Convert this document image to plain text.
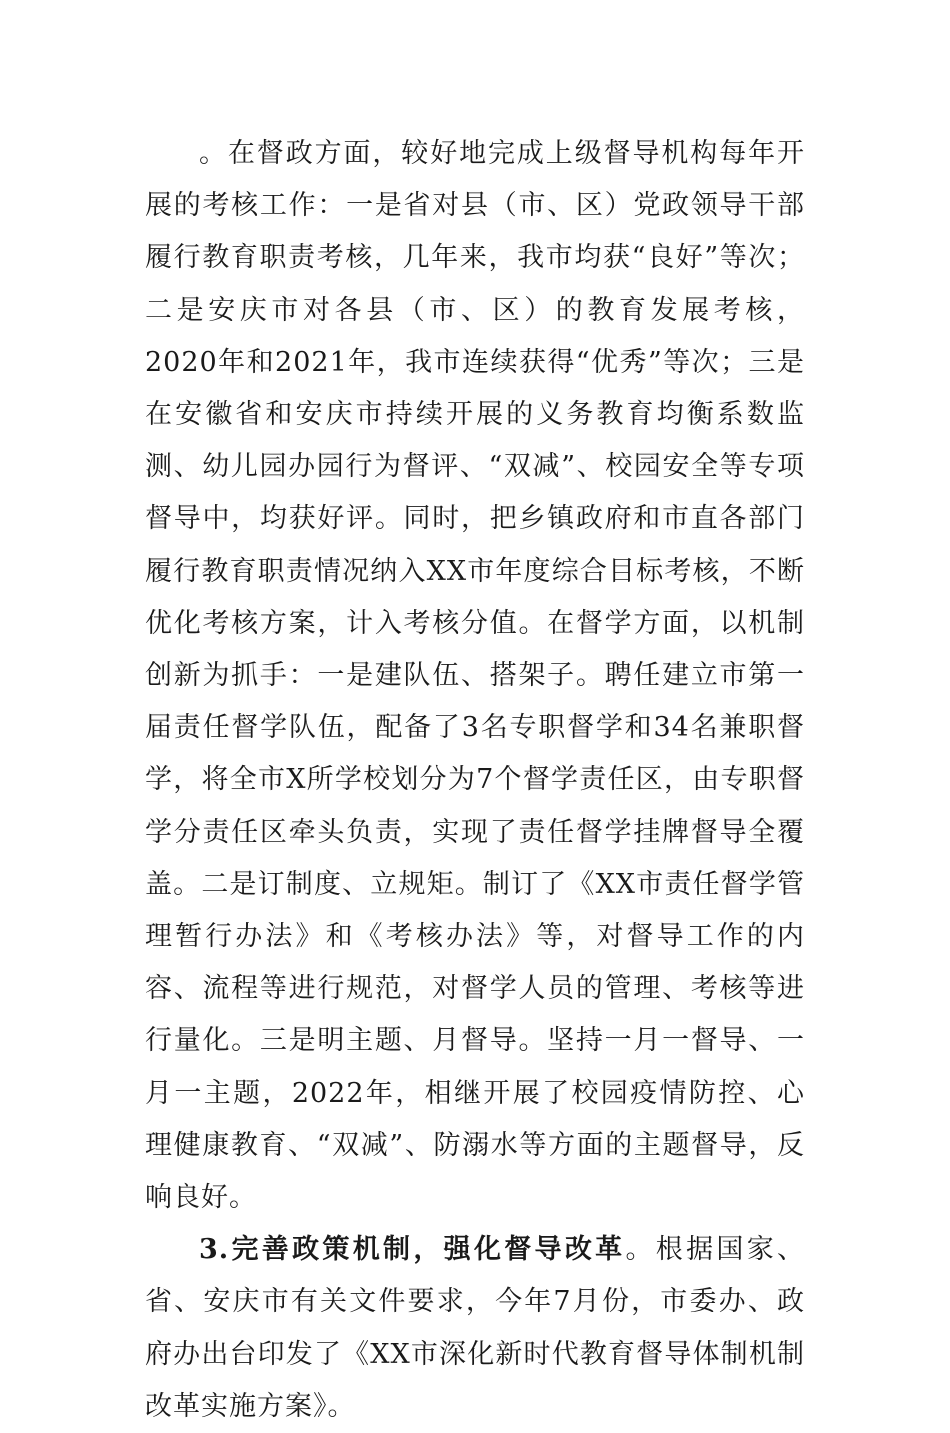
。在督政方面，较好地完成上级督导机构每年开展的考核工作：一是省对县（市、区）党政领导干部履行教育职责考核，几年来，我市均获“良好”等次；二是安庆市对各县（市、区）的教育发展考核，2020年和2021年，我市连续获得“优秀”等次；三是在安徽省和安庆市持续开展的义务教育均衡系数监测、幼儿园办园行为督评、“双减”、校园安全等专项督导中，均获好评。同时，把乡镇政府和市直各部门履行教育职责情况纳入XX市年度综合目标考核，不断优化考核方案，计入考核分值。在督学方面，以机制创新为抓手：一是建队伍、搭架子。聘任建立市第一届责任督学队伍，配备了3名专职督学和34名兼职督学，将全市X所学校划分为7个督学责任区，由专职督学分责任区牵头负责，实现了责任督学挂牌督导全覆盖。二是订制度、立规矩。制订了《XX市责任督学管理暂行办法》和《考核办法》等，对督导工作的内容、流程等进行规范，对督学人员的管理、考核等进行量化。三是明主题、月督导。坚持一月一督导、一月一主题，2022年，相继开展了校园疫情防控、心理健康教育、“双减”、防溺水等方面的主题督导，反响良好。

3.完善政策机制，强化督导改革。根据国家、省、安庆市有关文件要求，今年7月份，市委办、政府办出台印发了《XX市深化新时代教育督导体制机制改革实施方案》。
